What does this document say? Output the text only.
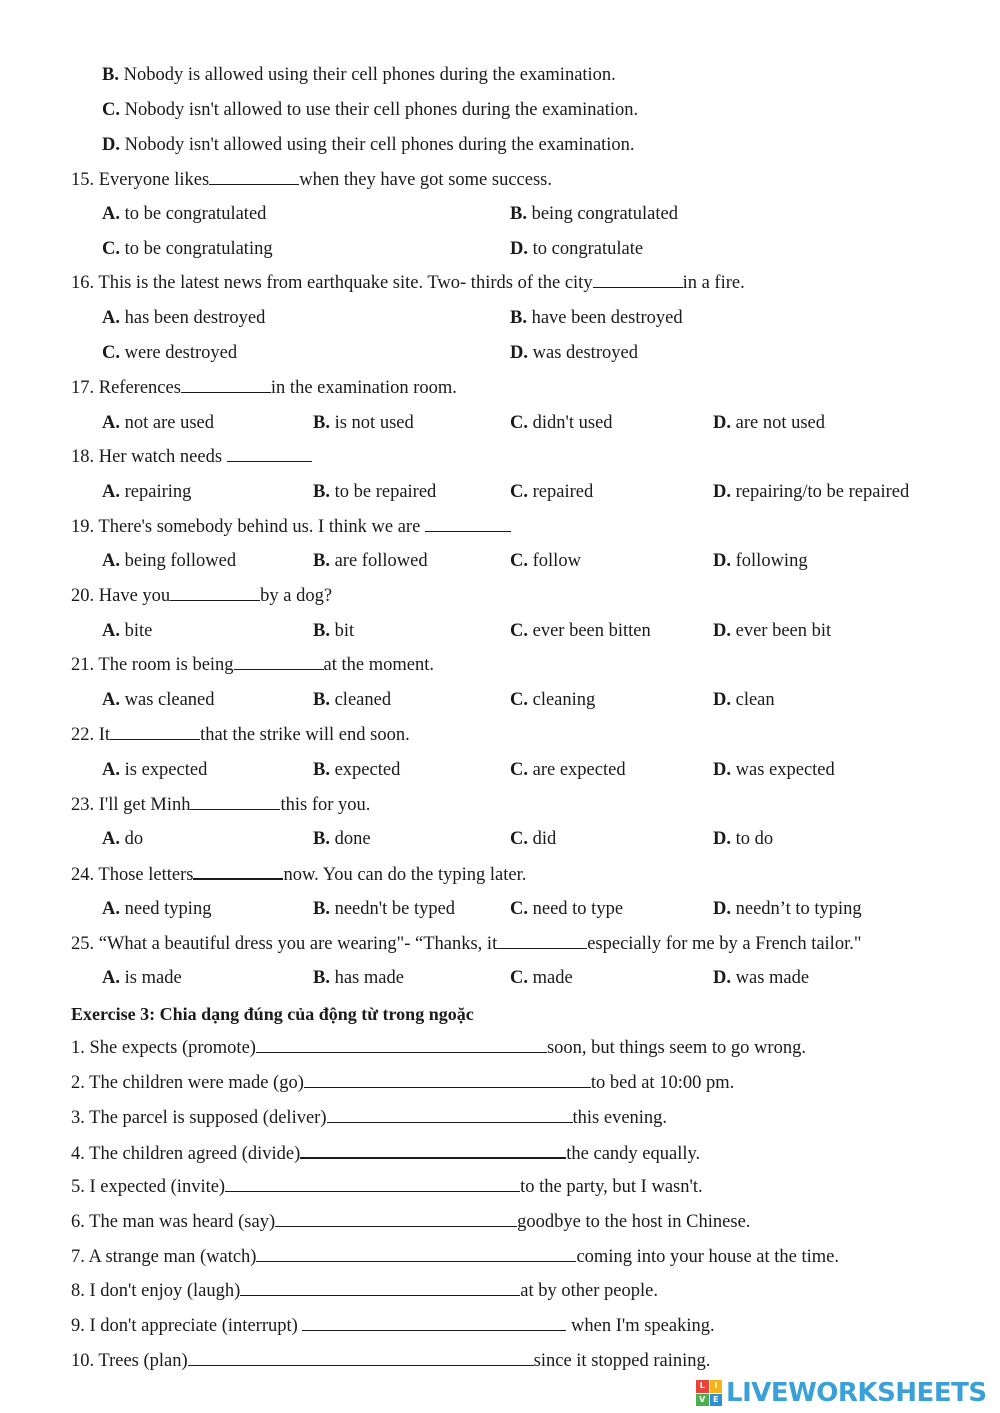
B. Nobody is allowed using their cell phones during the examination.
C. Nobody isn't allowed to use their cell phones during the examination.
D. Nobody isn't allowed using their cell phones during the examination.
15. Everyone likes	when they have got some success.
A. to be congratulated	B. being congratulated
C. to be congratulating	D. to congratulate
16. This is the latest news from earthquake site. Two- thirds of the city	in a fire.
A. has been destroyed	B. have been destroyed
C. were destroyed	D. was destroyed
17. References	in the examination room.
A. not are used	B. is not used	C. didn't used	D. are not used
18. Her watch needs
A. repairing	B. to be repaired	C. repaired	D. repairing/to be repaired
19. There's somebody behind us. I think we are
A. being followed	B. are followed	C. follow	D. following
20. Have you	by a dog?
A. bite	B. bit	C. ever been bitten	D. ever been bit
21. The room is being	at the moment.
A. was cleaned	B. cleaned	C. cleaning	D. clean
22. It	that the strike will end soon.
A. is expected	B. expected	C. are expected	D. was expected
23. I'll get Minh	this for you.
A. do	B. done	C. did	D. to do
24. Those letters	now. You can do the typing later.
A. need typing	B. needn't be typed	C. need to type	D. needn’t to typing
25. “What a beautiful dress you are wearing"- “Thanks, it	especially for me by a French tailor."
A. is made	B. has made	C. made	D. was made
Exercise 3: Chia dạng đúng của động từ trong ngoặc
1. She expects (promote)	soon, but things seem to go wrong.
2. The children were made (go)	to bed at 10:00 pm.
3. The parcel is supposed (deliver)	this evening.
4. The children agreed (divide)	the candy equally.
5. I expected (invite)	to the party, but I wasn't.
6. The man was heard (say)	goodbye to the host in Chinese.
7. A strange man (watch)	coming into your house at the time.
8. I don't enjoy (laugh)	at by other people.
9. I don't appreciate (interrupt)	when I'm speaking.
10. Trees (plan)	since it stopped raining.
L	I
V E LIVEWORKSHEETS
